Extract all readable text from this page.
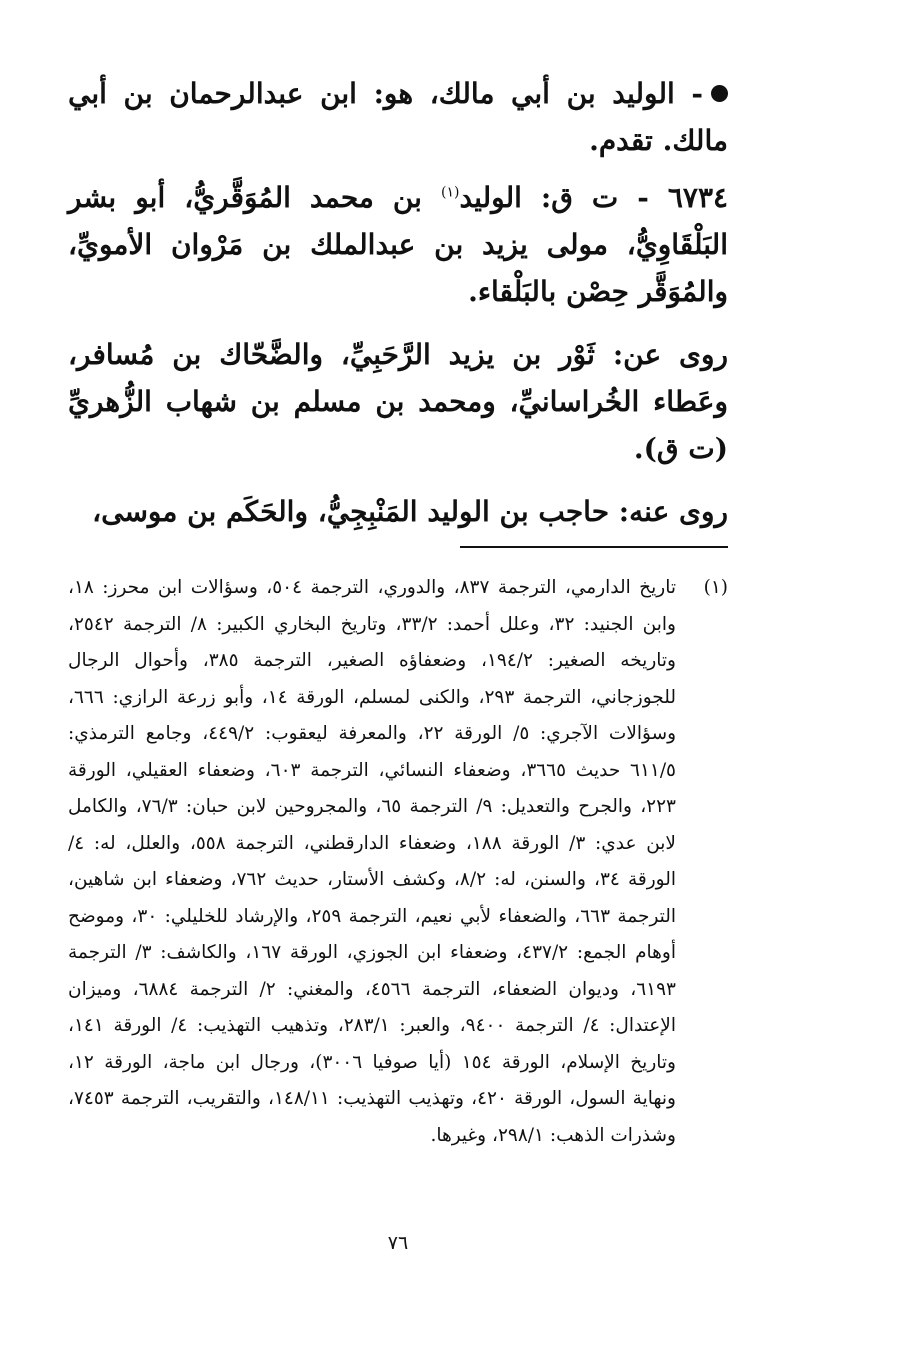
- الوليد بن أبي مالك، هو: ابن عبدالرحمان بن أبي مالك. تقدم.

٦٧٣٤ - ت ق: الوليد$^{(١)}$ بن محمد المُوَقَّريُّ، أبو بشر البَلْقَاوِيُّ، مولى يزيد بن عبدالملك بن مَرْوان الأمويِّ، والمُوَقَّر حِصْن بالبَلْقاء.

روى عن: ثَوْر بن يزيد الرَّحَبِيِّ، والضَّحّاك بن مُسافر، وعَطاء الخُراسانيِّ، ومحمد بن مسلم بن شهاب الزُّهريِّ (ت ق).

روى عنه: حاجب بن الوليد المَنْبِجِيُّ، والحَكَم بن موسى،

(١)
تاريخ الدارمي، الترجمة ٨٣٧، والدوري، الترجمة ٥٠٤، وسؤالات ابن محرز: ١٨، وابن الجنيد: ٣٢، وعلل أحمد: ٣٣/٢، وتاريخ البخاري الكبير: ٨/ الترجمة ٢٥٤٢، وتاريخه الصغير: ١٩٤/٢، وضعفاؤه الصغير، الترجمة ٣٨٥، وأحوال الرجال للجوزجاني، الترجمة ٢٩٣، والكنى لمسلم، الورقة ١٤، وأبو زرعة الرازي: ٦٦٦، وسؤالات الآجري: ٥/ الورقة ٢٢، والمعرفة ليعقوب: ٤٤٩/٢، وجامع الترمذي: ٦١١/٥ حديث ٣٦٦٥، وضعفاء النسائي، الترجمة ٦٠٣، وضعفاء العقيلي، الورقة ٢٢٣، والجرح والتعديل: ٩/ الترجمة ٦٥، والمجروحين لابن حبان: ٧٦/٣، والكامل لابن عدي: ٣/ الورقة ١٨٨، وضعفاء الدارقطني، الترجمة ٥٥٨، والعلل، له: ٤/ الورقة ٣٤، والسنن، له: ٨/٢، وكشف الأستار، حديث ٧٦٢، وضعفاء ابن شاهين، الترجمة ٦٦٣، والضعفاء لأبي نعيم، الترجمة ٢٥٩، والإرشاد للخليلي: ٣٠، وموضح أوهام الجمع: ٤٣٧/٢، وضعفاء ابن الجوزي، الورقة ١٦٧، والكاشف: ٣/ الترجمة ٦١٩٣، وديوان الضعفاء، الترجمة ٤٥٦٦، والمغني: ٢/ الترجمة ٦٨٨٤، وميزان الإعتدال: ٤/ الترجمة ٩٤٠٠، والعبر: ٢٨٣/١، وتذهيب التهذيب: ٤/ الورقة ١٤١، وتاريخ الإسلام، الورقة ١٥٤ (أيا صوفيا ٣٠٠٦)، ورجال ابن ماجة، الورقة ١٢، ونهاية السول، الورقة ٤٢٠، وتهذيب التهذيب: ١٤٨/١١، والتقريب، الترجمة ٧٤٥٣، وشذرات الذهب: ٢٩٨/١، وغيرها.
٧٦
